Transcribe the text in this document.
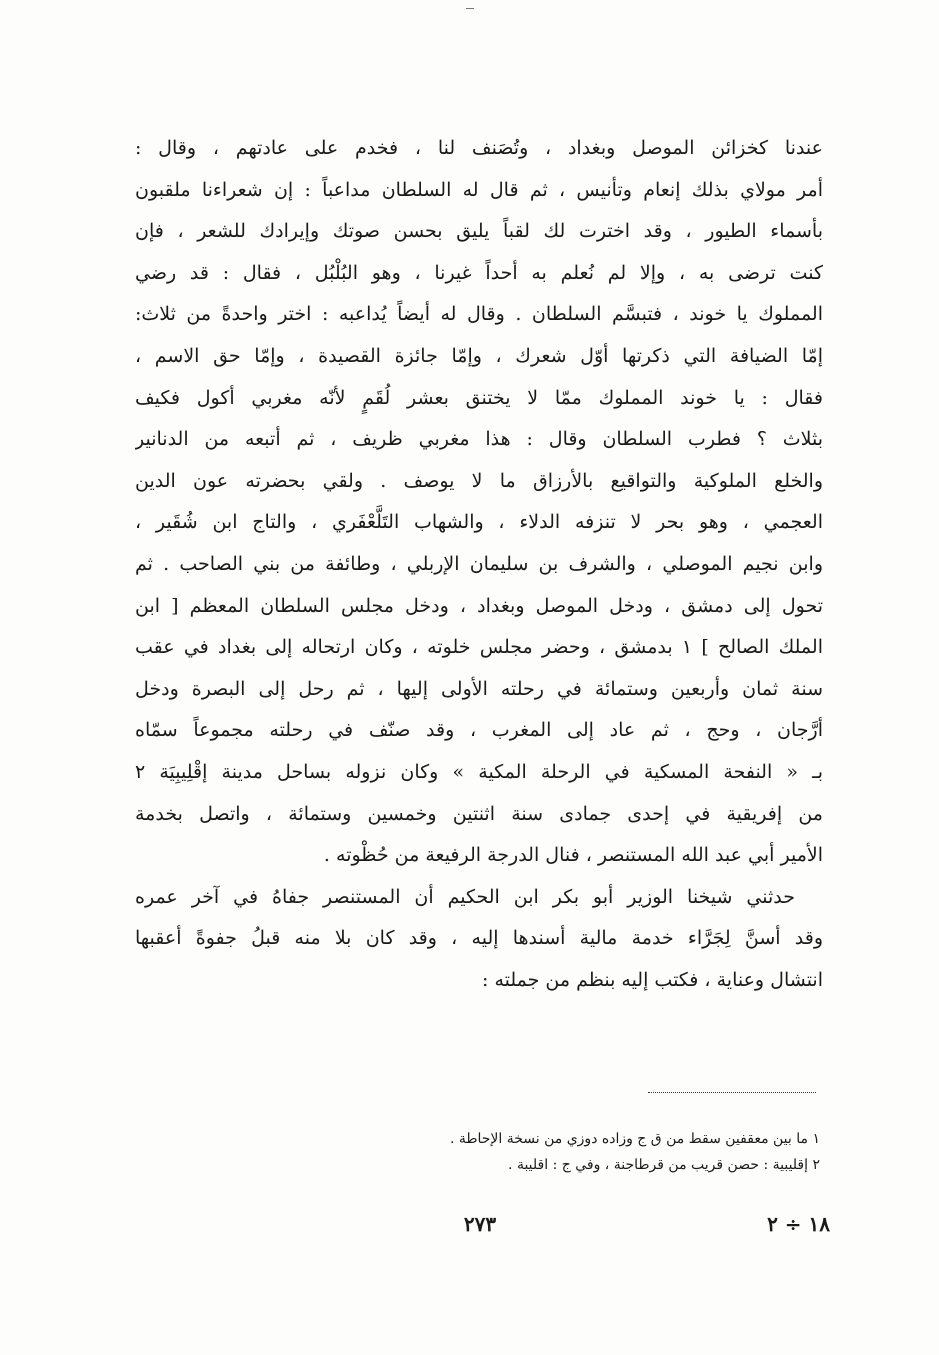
عندنا كخزائن الموصل وبغداد ، وتُصَنف لنا ، فخدم على عادتهم ، وقال :
أمر مولاي بذلك إنعام وتأنيس ، ثم قال له السلطان مداعباً : إن شعراءنا ملقبون
بأسماء الطيور ، وقد اخترت لك لقباً يليق بحسن صوتك وإيرادك للشعر ، فإن
كنت ترضى به ، وإلا لم نُعلم به أحداً غيرنا ، وهو البُلْبُل ، فقال : قد رضي
المملوك يا خوند ، فتبسَّم السلطان . وقال له أيضاً يُداعبه : اختر واحدةً من ثلاث:
إمّا الضيافة التي ذكرتها أوّل شعرك ، وإمّا جائزة القصيدة ، وإمّا حق الاسم ،
فقال : يا خوند المملوك ممّا لا يختنق بعشر لُقَمٍ لأنّه مغربي أكول فكيف
بثلاث ؟ فطرب السلطان وقال : هذا مغربي ظريف ، ثم أتبعه من الدنانير
والخلع الملوكية والتواقيع بالأرزاق ما لا يوصف . ولقي بحضرته عون الدين
العجمي ، وهو بحر لا تنزفه الدلاء ، والشهاب التَلَّعْفَري ، والتاج ابن شُقَير ،
وابن نجيم الموصلي ، والشرف بن سليمان الإربلي ، وطائفة من بني الصاحب . ثم
تحول إلى دمشق ، ودخل الموصل وبغداد ، ودخل مجلس السلطان المعظم [ ابن
الملك الصالح ] ١ بدمشق ، وحضر مجلس خلوته ، وكان ارتحاله إلى بغداد في عقب
سنة ثمان وأربعين وستمائة في رحلته الأولى إليها ، ثم رحل إلى البصرة ودخل
أرَّجان ، وحج ، ثم عاد إلى المغرب ، وقد صنّف في رحلته مجموعاً سمّاه
بـ « النفحة المسكية في الرحلة المكية » وكان نزوله بساحل مدينة إقْلِيبِيَة ٢
من إفريقية في إحدى جمادى سنة اثنتين وخمسين وستمائة ، واتصل بخدمة
الأمير أبي عبد الله المستنصر ، فنال الدرجة الرفيعة من حُظْوته .
حدثني شيخنا الوزير أبو بكر ابن الحكيم أن المستنصر جفاهُ في آخر عمره
وقد أسنَّ لِجَرَّاء خدمة مالية أسندها إليه ، وقد كان بلا منه قبلُ جفوةً أعقبها
انتشال وعناية ، فكتب إليه بنظم من جملته :
١ ما بين معقفين سقط من ق ج وزاده دوزي من نسخة الإحاطة .
٢ إقليبية : حصن قريب من قرطاجنة ، وفي ج : اقليبة .
٢٧٣	١٨ ÷ ٢
